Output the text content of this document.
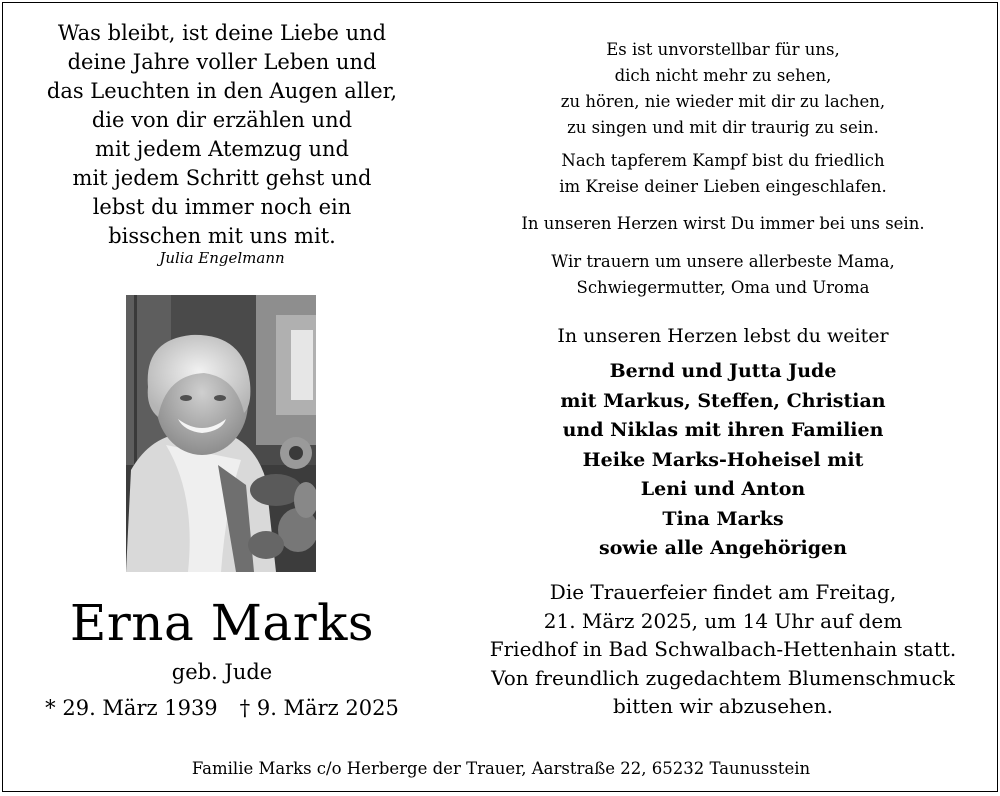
Was bleibt, ist deine Liebe und
deine Jahre voller Leben und
das Leuchten in den Augen aller,
die von dir erzählen und
mit jedem Atemzug und
mit jedem Schritt gehst und
lebst du immer noch ein
bisschen mit uns mit.
Julia Engelmann
Erna Marks
geb. Jude
* 29. März 1939 † 9. März 2025

Es ist unvorstellbar für uns,
dich nicht mehr zu sehen,
zu hören, nie wieder mit dir zu lachen,
zu singen und mit dir traurig zu sein.

Nach tapferem Kampf bist du friedlich
im Kreise deiner Lieben eingeschlafen.

In unseren Herzen wirst Du immer bei uns sein.

Wir trauern um unsere allerbeste Mama,
Schwiegermutter, Oma und Uroma

In unseren Herzen lebst du weiter

Bernd und Jutta Jude
mit Markus, Steffen, Christian
und Niklas mit ihren Familien
Heike Marks-Hoheisel mit
Leni und Anton
Tina Marks
sowie alle Angehörigen

Die Trauerfeier findet am Freitag,
21. März 2025, um 14 Uhr auf dem
Friedhof in Bad Schwalbach-Hettenhain statt.
Von freundlich zugedachtem Blumenschmuck
bitten wir abzusehen.

Familie Marks c/o Herberge der Trauer, Aarstraße 22, 65232 Taunusstein
